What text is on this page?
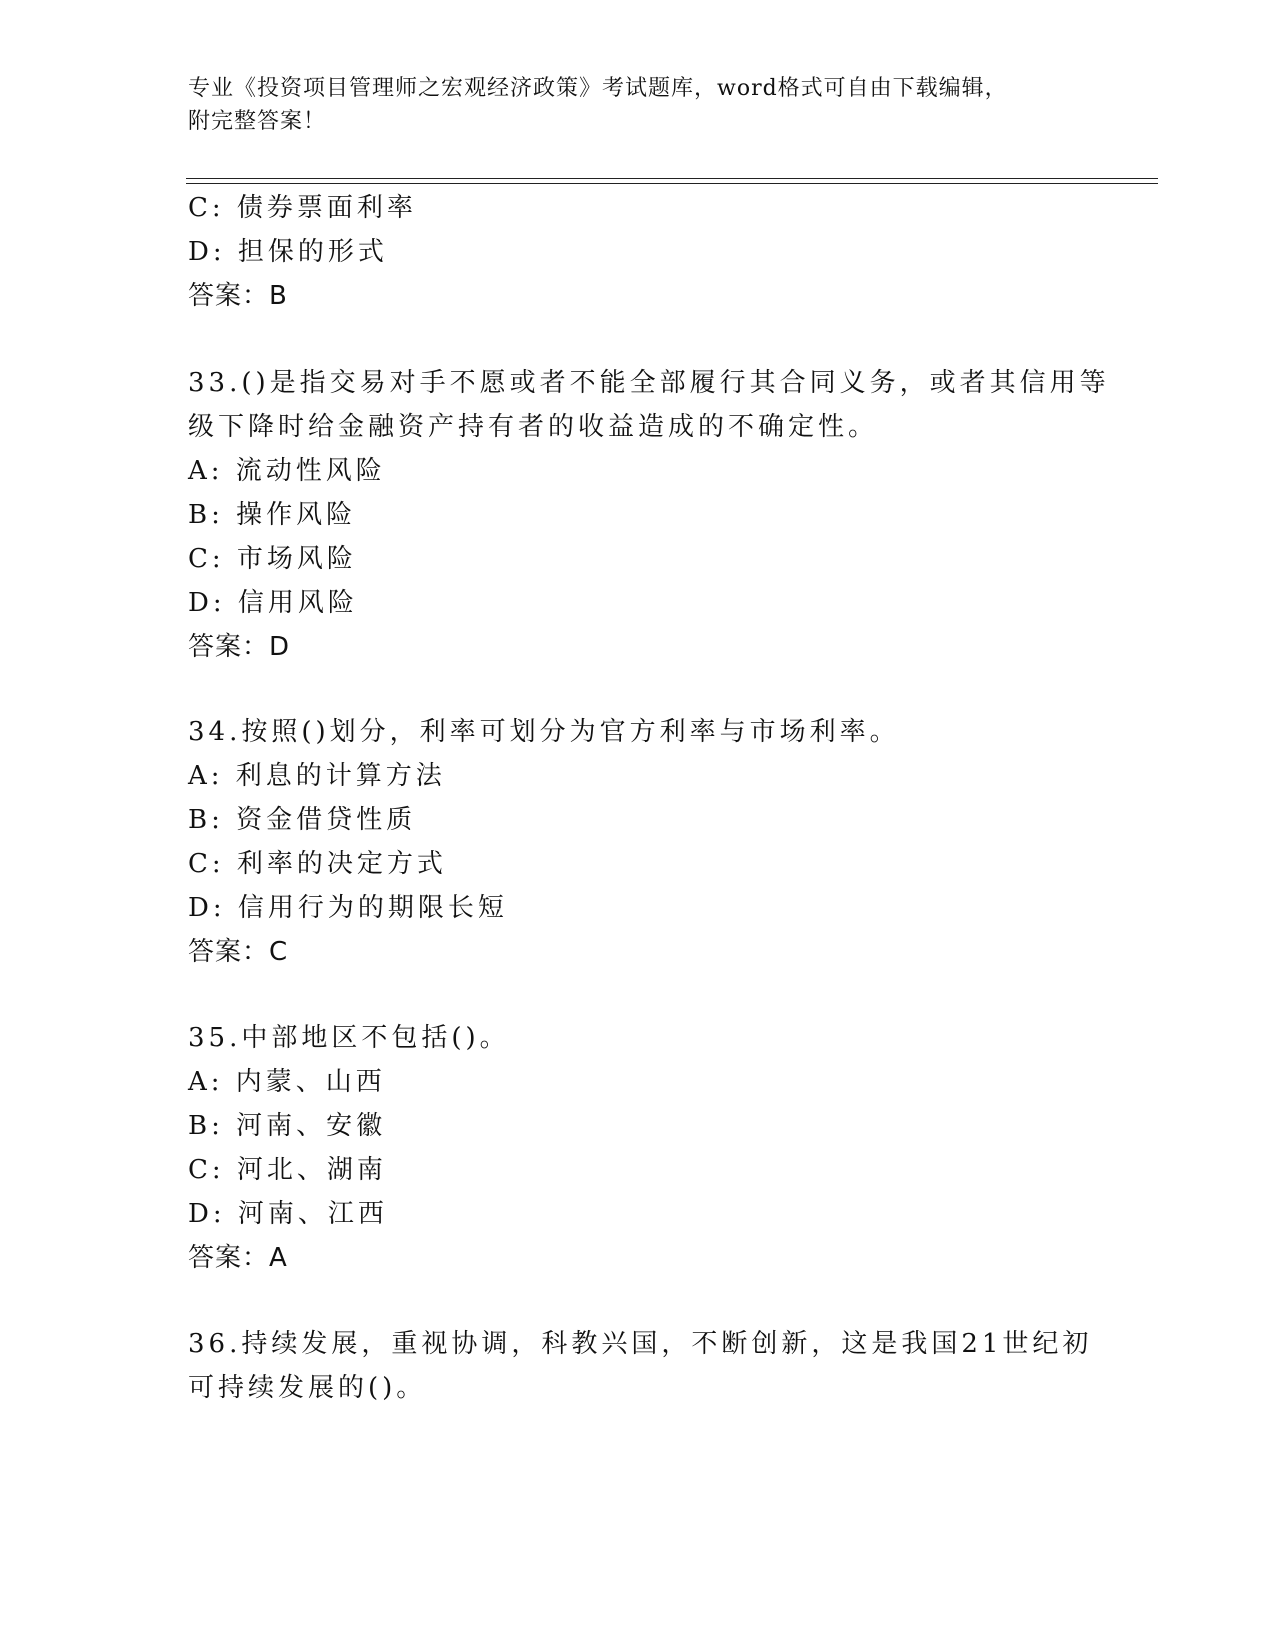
专业《投资项目管理师之宏观经济政策》考试题库，word格式可自由下载编辑，
附完整答案！
C: 债券票面利率
D: 担保的形式
答案：B
33.()是指交易对手不愿或者不能全部履行其合同义务，或者其信用等
级下降时给金融资产持有者的收益造成的不确定性。
A: 流动性风险
B: 操作风险
C: 市场风险
D: 信用风险
答案：D
34.按照()划分，利率可划分为官方利率与市场利率。
A: 利息的计算方法
B: 资金借贷性质
C: 利率的决定方式
D: 信用行为的期限长短
答案：C
35.中部地区不包括()。
A: 内蒙、山西
B: 河南、安徽
C: 河北、湖南
D: 河南、江西
答案：A
36.持续发展，重视协调，科教兴国，不断创新，这是我国21世纪初
可持续发展的()。
